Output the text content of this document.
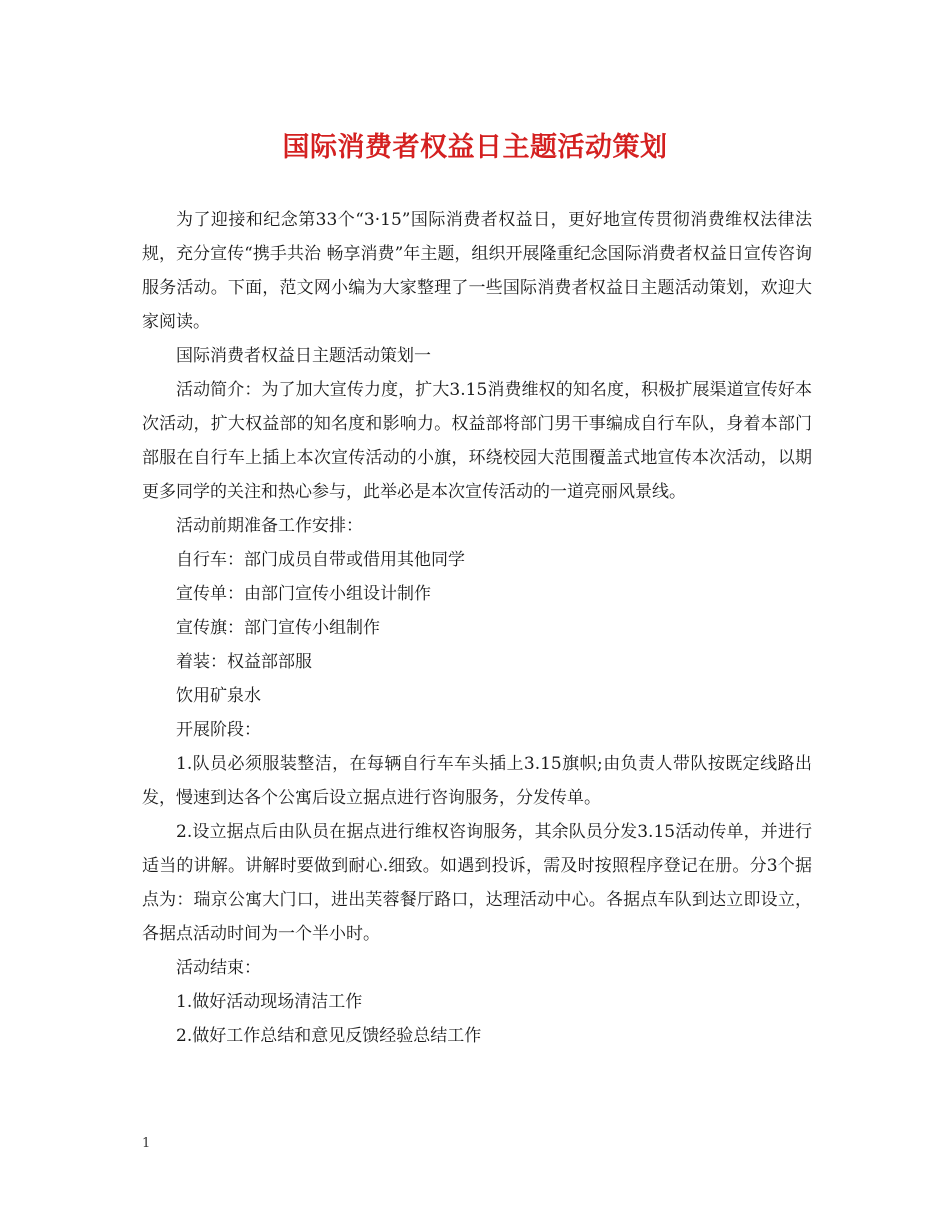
国际消费者权益日主题活动策划

为了迎接和纪念第33个“3·15”国际消费者权益日，更好地宣传贯彻消费维权法律法规，充分宣传“携手共治 畅享消费”年主题，组织开展隆重纪念国际消费者权益日宣传咨询服务活动。下面，范文网小编为大家整理了一些国际消费者权益日主题活动策划，欢迎大家阅读。

国际消费者权益日主题活动策划一

活动简介：为了加大宣传力度，扩大3.15消费维权的知名度，积极扩展渠道宣传好本次活动，扩大权益部的知名度和影响力。权益部将部门男干事编成自行车队，身着本部门部服在自行车上插上本次宣传活动的小旗，环绕校园大范围覆盖式地宣传本次活动，以期更多同学的关注和热心参与，此举必是本次宣传活动的一道亮丽风景线。

活动前期准备工作安排：

自行车：部门成员自带或借用其他同学

宣传单：由部门宣传小组设计制作

宣传旗：部门宣传小组制作

着装：权益部部服

饮用矿泉水

开展阶段：

1.队员必须服装整洁，在每辆自行车车头插上3.15旗帜;由负责人带队按既定线路出发，慢速到达各个公寓后设立据点进行咨询服务，分发传单。

2.设立据点后由队员在据点进行维权咨询服务，其余队员分发3.15活动传单，并进行适当的讲解。讲解时要做到耐心.细致。如遇到投诉，需及时按照程序登记在册。分3个据点为：瑞京公寓大门口，进出芙蓉餐厅路口，达理活动中心。各据点车队到达立即设立，各据点活动时间为一个半小时。

活动结束：

1.做好活动现场清洁工作

2.做好工作总结和意见反馈经验总结工作

1
